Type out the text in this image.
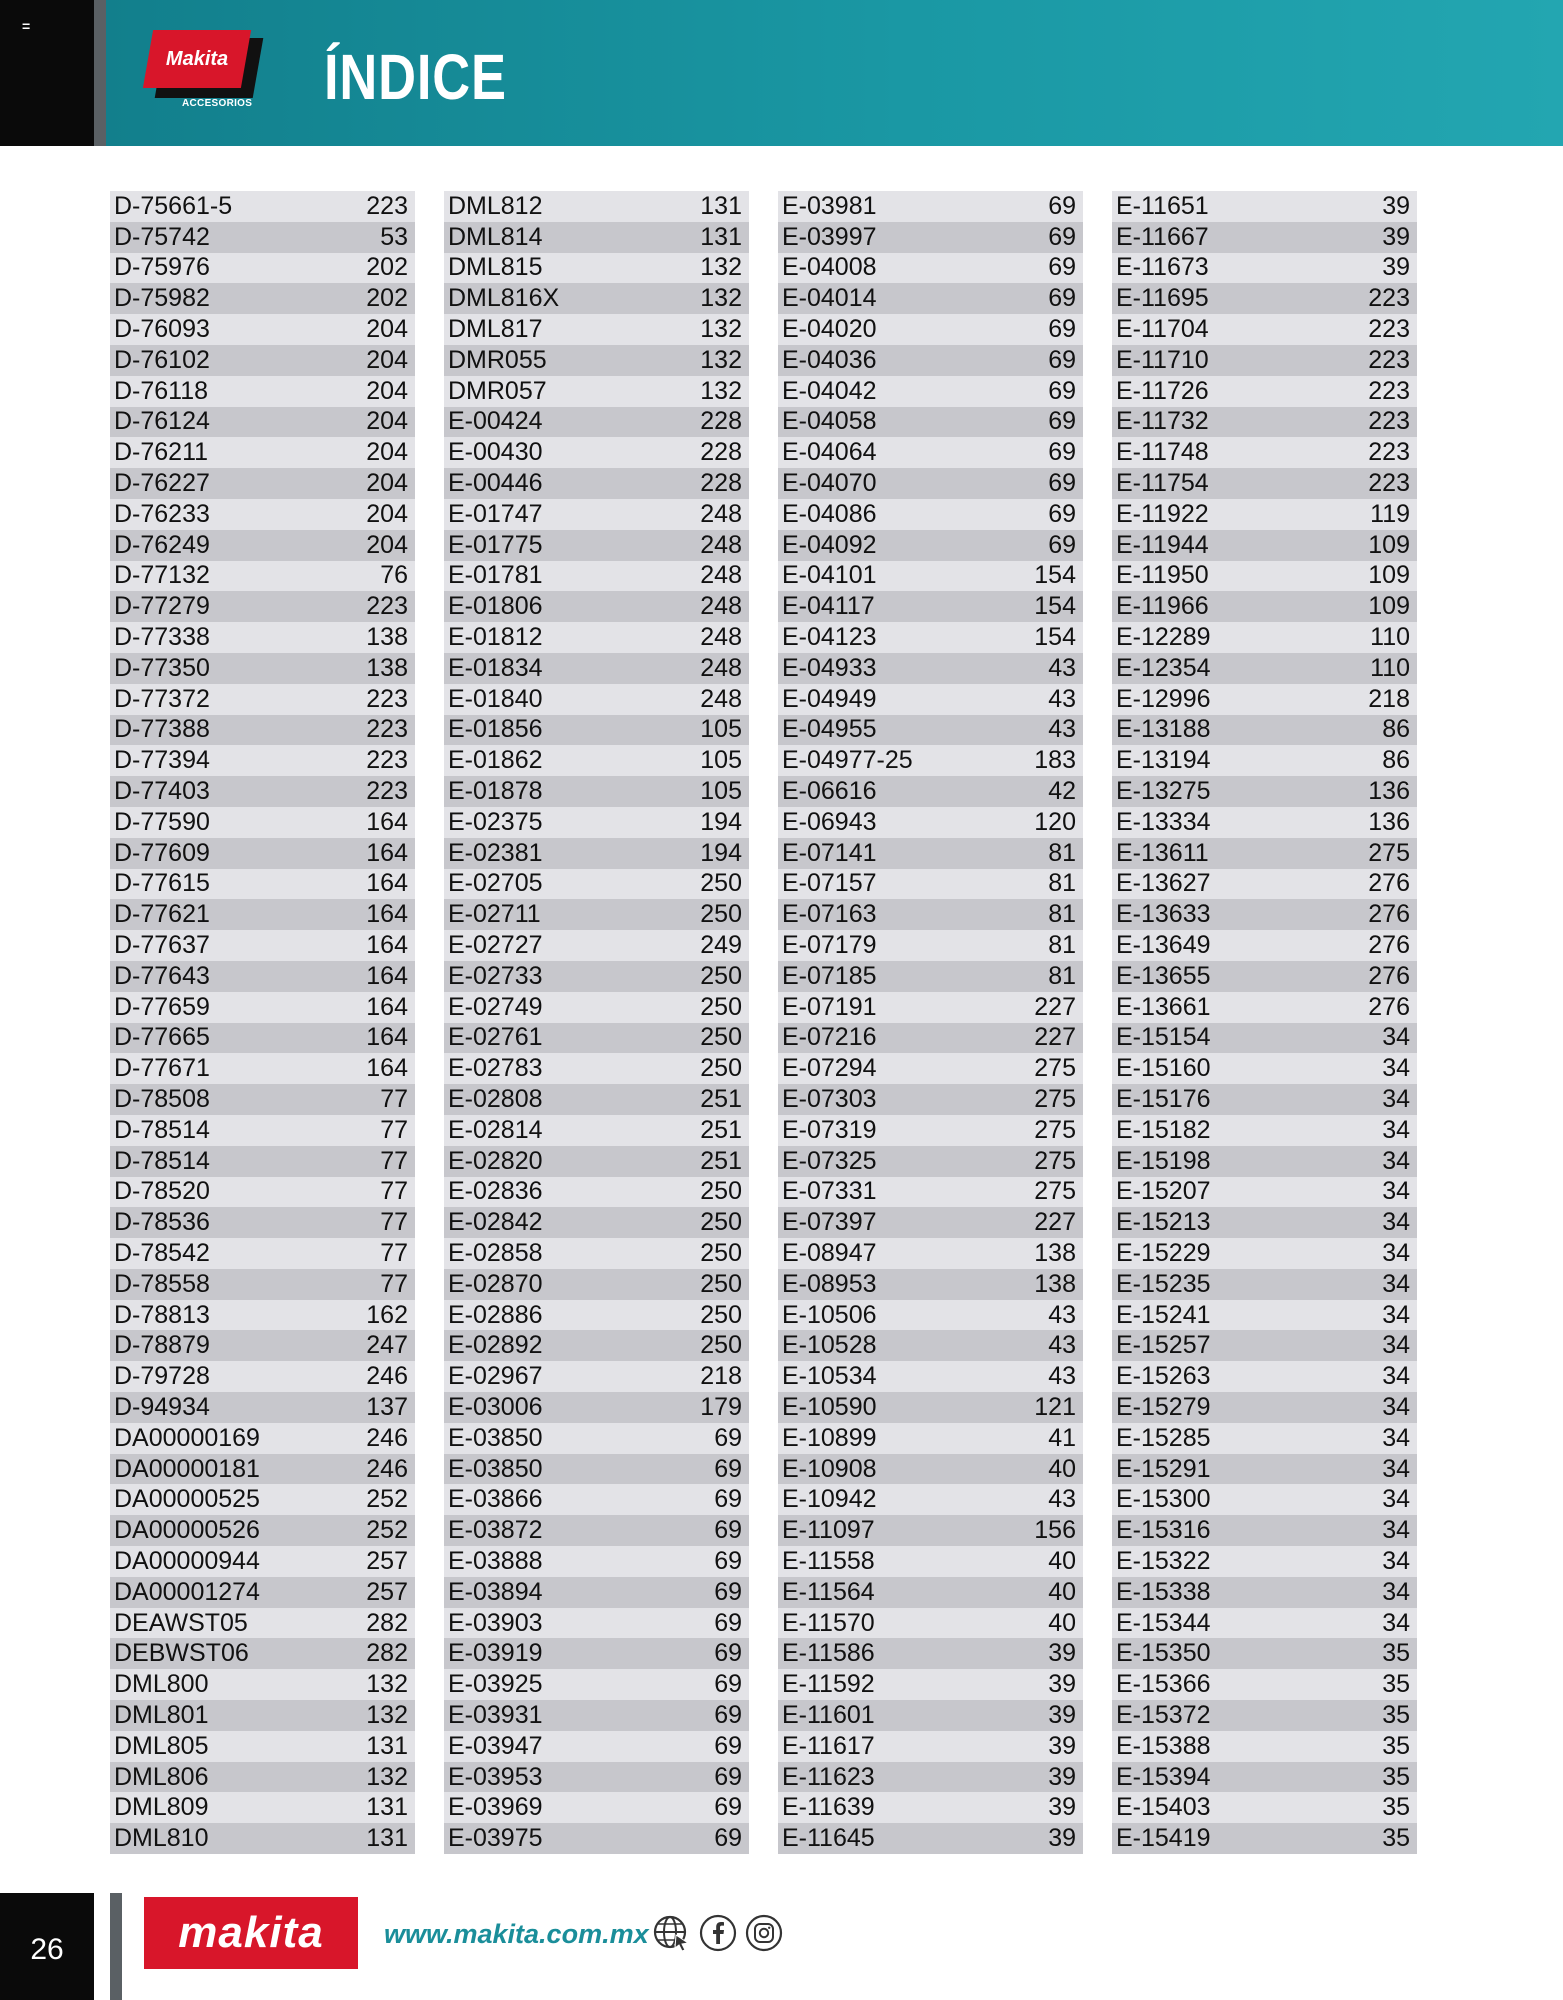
=
Makita
ACCESORIOS ÍNDICE
D-75661-5	223
D-75742	53
D-75976	202
D-75982	202
D-76093	204
D-76102	204
D-76118	204
D-76124	204
D-76211	204
D-76227	204
D-76233	204
D-76249	204
D-77132	76
D-77279	223
D-77338	138
D-77350	138
D-77372	223
D-77388	223
D-77394	223
D-77403	223
D-77590	164
D-77609	164
D-77615	164
D-77621	164
D-77637	164
D-77643	164
D-77659	164
D-77665	164
D-77671	164
D-78508	77
D-78514	77
D-78514	77
D-78520	77
D-78536	77
D-78542	77
D-78558	77
D-78813	162
D-78879	247
D-79728	246
D-94934	137
DA00000169	246
DA00000181	246
DA00000525	252
DA00000526	252
DA00000944	257
DA00001274	257
DEAWST05	282
DEBWST06	282
DML800	132
DML801	132
DML805	131
DML806	132
DML809	131
DML810	131
DML812	131
DML814	131
DML815	132
DML816X	132
DML817	132
DMR055	132
DMR057	132
E-00424	228
E-00430	228
E-00446	228
E-01747	248
E-01775	248
E-01781	248
E-01806	248
E-01812	248
E-01834	248
E-01840	248
E-01856	105
E-01862	105
E-01878	105
E-02375	194
E-02381	194
E-02705	250
E-02711	250
E-02727	249
E-02733	250
E-02749	250
E-02761	250
E-02783	250
E-02808	251
E-02814	251
E-02820	251
E-02836	250
E-02842	250
E-02858	250
E-02870	250
E-02886	250
E-02892	250
E-02967	218
E-03006	179
E-03850	69
E-03850	69
E-03866	69
E-03872	69
E-03888	69
E-03894	69
E-03903	69
E-03919	69
E-03925	69
E-03931	69
E-03947	69
E-03953	69
E-03969	69
E-03975	69
E-03981	69
E-03997	69
E-04008	69
E-04014	69
E-04020	69
E-04036	69
E-04042	69
E-04058	69
E-04064	69
E-04070	69
E-04086	69
E-04092	69
E-04101	154
E-04117	154
E-04123	154
E-04933	43
E-04949	43
E-04955	43
E-04977-25	183
E-06616	42
E-06943	120
E-07141	81
E-07157	81
E-07163	81
E-07179	81
E-07185	81
E-07191	227
E-07216	227
E-07294	275
E-07303	275
E-07319	275
E-07325	275
E-07331	275
E-07397	227
E-08947	138
E-08953	138
E-10506	43
E-10528	43
E-10534	43
E-10590	121
E-10899	41
E-10908	40
E-10942	43
E-11097	156
E-11558	40
E-11564	40
E-11570	40
E-11586	39
E-11592	39
E-11601	39
E-11617	39
E-11623	39
E-11639	39
E-11645	39
E-11651	39
E-11667	39
E-11673	39
E-11695	223
E-11704	223
E-11710	223
E-11726	223
E-11732	223
E-11748	223
E-11754	223
E-11922	119
E-11944	109
E-11950	109
E-11966	109
E-12289	110
E-12354	110
E-12996	218
E-13188	86
E-13194	86
E-13275	136
E-13334	136
E-13611	275
E-13627	276
E-13633	276
E-13649	276
E-13655	276
E-13661	276
E-15154	34
E-15160	34
E-15176	34
E-15182	34
E-15198	34
E-15207	34
E-15213	34
E-15229	34
E-15235	34
E-15241	34
E-15257	34
E-15263	34
E-15279	34
E-15285	34
E-15291	34
E-15300	34
E-15316	34
E-15322	34
E-15338	34
E-15344	34
E-15350	35
E-15366	35
E-15372	35
E-15388	35
E-15394	35
E-15403	35
E-15419	35
26	makita www.makita.com.mx
